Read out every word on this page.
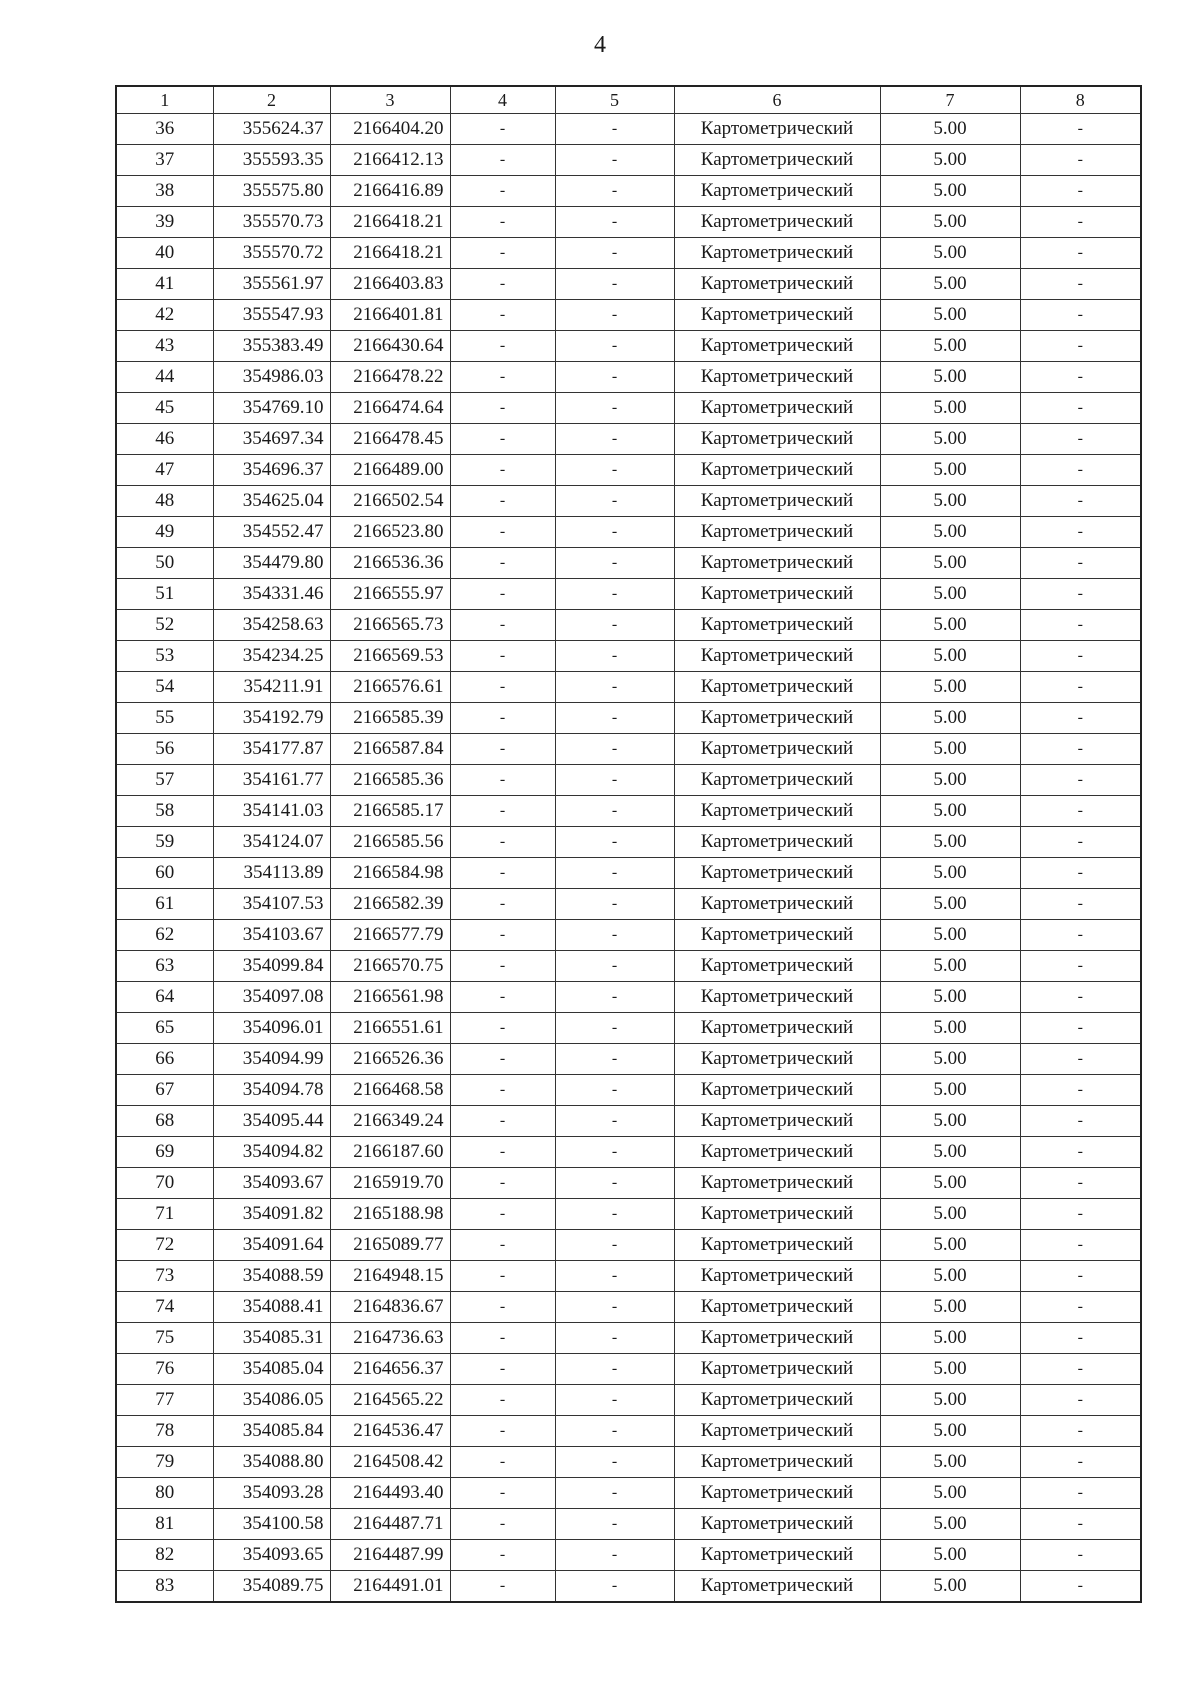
4
1	2	3	4	5	6	7	8
36	355624.37	2166404.20	-	-	Картометрический	5.00	-
37	355593.35	2166412.13	-	-	Картометрический	5.00	-
38	355575.80	2166416.89	-	-	Картометрический	5.00	-
39	355570.73	2166418.21	-	-	Картометрический	5.00	-
40	355570.72	2166418.21	-	-	Картометрический	5.00	-
41	355561.97	2166403.83	-	-	Картометрический	5.00	-
42	355547.93	2166401.81	-	-	Картометрический	5.00	-
43	355383.49	2166430.64	-	-	Картометрический	5.00	-
44	354986.03	2166478.22	-	-	Картометрический	5.00	-
45	354769.10	2166474.64	-	-	Картометрический	5.00	-
46	354697.34	2166478.45	-	-	Картометрический	5.00	-
47	354696.37	2166489.00	-	-	Картометрический	5.00	-
48	354625.04	2166502.54	-	-	Картометрический	5.00	-
49	354552.47	2166523.80	-	-	Картометрический	5.00	-
50	354479.80	2166536.36	-	-	Картометрический	5.00	-
51	354331.46	2166555.97	-	-	Картометрический	5.00	-
52	354258.63	2166565.73	-	-	Картометрический	5.00	-
53	354234.25	2166569.53	-	-	Картометрический	5.00	-
54	354211.91	2166576.61	-	-	Картометрический	5.00	-
55	354192.79	2166585.39	-	-	Картометрический	5.00	-
56	354177.87	2166587.84	-	-	Картометрический	5.00	-
57	354161.77	2166585.36	-	-	Картометрический	5.00	-
58	354141.03	2166585.17	-	-	Картометрический	5.00	-
59	354124.07	2166585.56	-	-	Картометрический	5.00	-
60	354113.89	2166584.98	-	-	Картометрический	5.00	-
61	354107.53	2166582.39	-	-	Картометрический	5.00	-
62	354103.67	2166577.79	-	-	Картометрический	5.00	-
63	354099.84	2166570.75	-	-	Картометрический	5.00	-
64	354097.08	2166561.98	-	-	Картометрический	5.00	-
65	354096.01	2166551.61	-	-	Картометрический	5.00	-
66	354094.99	2166526.36	-	-	Картометрический	5.00	-
67	354094.78	2166468.58	-	-	Картометрический	5.00	-
68	354095.44	2166349.24	-	-	Картометрический	5.00	-
69	354094.82	2166187.60	-	-	Картометрический	5.00	-
70	354093.67	2165919.70	-	-	Картометрический	5.00	-
71	354091.82	2165188.98	-	-	Картометрический	5.00	-
72	354091.64	2165089.77	-	-	Картометрический	5.00	-
73	354088.59	2164948.15	-	-	Картометрический	5.00	-
74	354088.41	2164836.67	-	-	Картометрический	5.00	-
75	354085.31	2164736.63	-	-	Картометрический	5.00	-
76	354085.04	2164656.37	-	-	Картометрический	5.00	-
77	354086.05	2164565.22	-	-	Картометрический	5.00	-
78	354085.84	2164536.47	-	-	Картометрический	5.00	-
79	354088.80	2164508.42	-	-	Картометрический	5.00	-
80	354093.28	2164493.40	-	-	Картометрический	5.00	-
81	354100.58	2164487.71	-	-	Картометрический	5.00	-
82	354093.65	2164487.99	-	-	Картометрический	5.00	-
83	354089.75	2164491.01	-	-	Картометрический	5.00	-
